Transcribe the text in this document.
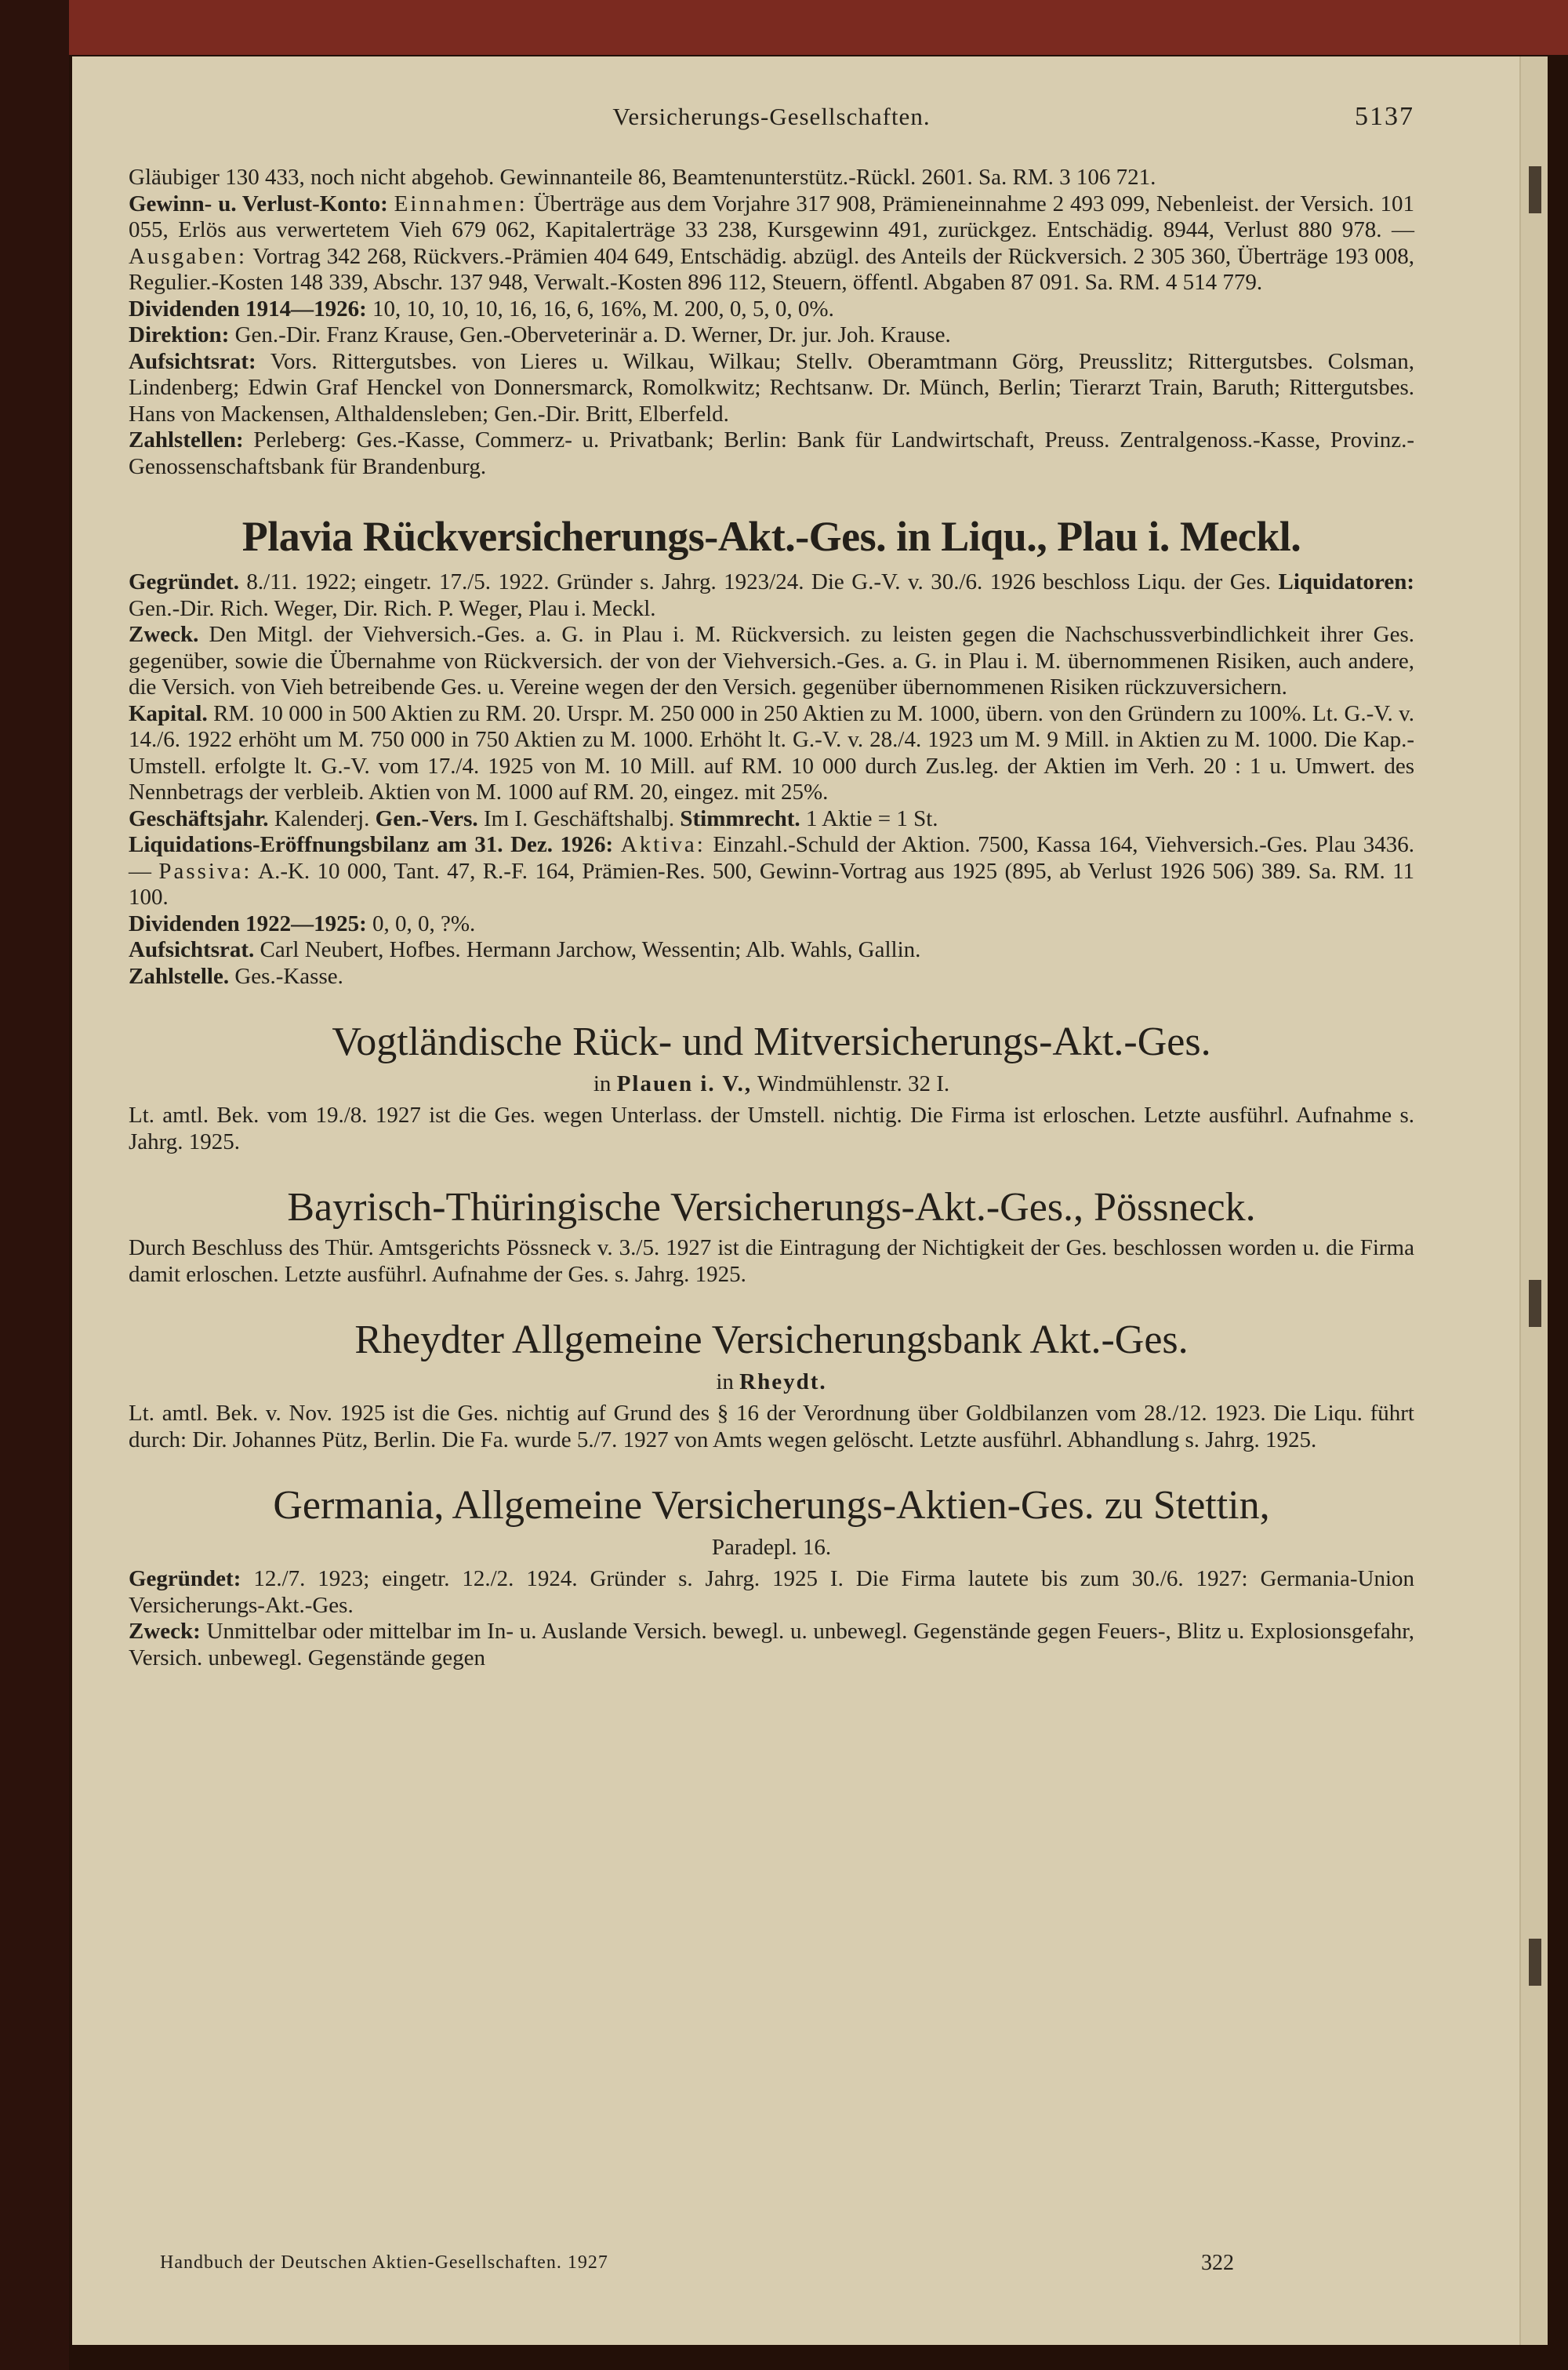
Versicherungs-Gesellschaften.	5137

Gläubiger 130 433, noch nicht abgehob. Gewinnanteile 86, Beamtenunterstütz.-Rückl. 2601. Sa. RM. 3 106 721.

Gewinn- u. Verlust-Konto: Einnahmen: Überträge aus dem Vorjahre 317 908, Prämieneinnahme 2 493 099, Nebenleist. der Versich. 101 055, Erlös aus verwertetem Vieh 679 062, Kapitalerträge 33 238, Kursgewinn 491, zurückgez. Entschädig. 8944, Verlust 880 978. — Ausgaben: Vortrag 342 268, Rückvers.-Prämien 404 649, Entschädig. abzügl. des Anteils der Rückversich. 2 305 360, Überträge 193 008, Regulier.-Kosten 148 339, Abschr. 137 948, Verwalt.-Kosten 896 112, Steuern, öffentl. Abgaben 87 091. Sa. RM. 4 514 779.

Dividenden 1914—1926: 10, 10, 10, 10, 16, 16, 6, 16%, M. 200, 0, 5, 0, 0%.

Direktion: Gen.-Dir. Franz Krause, Gen.-Oberveterinär a. D. Werner, Dr. jur. Joh. Krause.

Aufsichtsrat: Vors. Rittergutsbes. von Lieres u. Wilkau, Wilkau; Stellv. Oberamtmann Görg, Preusslitz; Rittergutsbes. Colsman, Lindenberg; Edwin Graf Henckel von Donnersmarck, Romolkwitz; Rechtsanw. Dr. Münch, Berlin; Tierarzt Train, Baruth; Rittergutsbes. Hans von Mackensen, Althaldensleben; Gen.-Dir. Britt, Elberfeld.

Zahlstellen: Perleberg: Ges.-Kasse, Commerz- u. Privatbank; Berlin: Bank für Landwirtschaft, Preuss. Zentralgenoss.-Kasse, Provinz.-Genossenschaftsbank für Brandenburg.

Plavia Rückversicherungs-Akt.-Ges. in Liqu., Plau i. Meckl.

Gegründet. 8./11. 1922; eingetr. 17./5. 1922. Gründer s. Jahrg. 1923/24. Die G.-V. v. 30./6. 1926 beschloss Liqu. der Ges. Liquidatoren: Gen.-Dir. Rich. Weger, Dir. Rich. P. Weger, Plau i. Meckl.

Zweck. Den Mitgl. der Viehversich.-Ges. a. G. in Plau i. M. Rückversich. zu leisten gegen die Nachschussverbindlichkeit ihrer Ges. gegenüber, sowie die Übernahme von Rückversich. der von der Viehversich.-Ges. a. G. in Plau i. M. übernommenen Risiken, auch andere, die Versich. von Vieh betreibende Ges. u. Vereine wegen der den Versich. gegenüber übernommenen Risiken rückzuversichern.

Kapital. RM. 10 000 in 500 Aktien zu RM. 20. Urspr. M. 250 000 in 250 Aktien zu M. 1000, übern. von den Gründern zu 100%. Lt. G.-V. v. 14./6. 1922 erhöht um M. 750 000 in 750 Aktien zu M. 1000. Erhöht lt. G.-V. v. 28./4. 1923 um M. 9 Mill. in Aktien zu M. 1000. Die Kap.-Umstell. erfolgte lt. G.-V. vom 17./4. 1925 von M. 10 Mill. auf RM. 10 000 durch Zus.leg. der Aktien im Verh. 20 : 1 u. Umwert. des Nennbetrags der verbleib. Aktien von M. 1000 auf RM. 20, eingez. mit 25%.

Geschäftsjahr. Kalenderj. Gen.-Vers. Im I. Geschäftshalbj. Stimmrecht. 1 Aktie = 1 St.

Liquidations-Eröffnungsbilanz am 31. Dez. 1926: Aktiva: Einzahl.-Schuld der Aktion. 7500, Kassa 164, Viehversich.-Ges. Plau 3436. — Passiva: A.-K. 10 000, Tant. 47, R.-F. 164, Prämien-Res. 500, Gewinn-Vortrag aus 1925 (895, ab Verlust 1926 506) 389. Sa. RM. 11 100.

Dividenden 1922—1925: 0, 0, 0, ?%.

Aufsichtsrat. Carl Neubert, Hofbes. Hermann Jarchow, Wessentin; Alb. Wahls, Gallin.

Zahlstelle. Ges.-Kasse.

Vogtländische Rück- und Mitversicherungs-Akt.-Ges.
in Plauen i. V., Windmühlenstr. 32 I.

Lt. amtl. Bek. vom 19./8. 1927 ist die Ges. wegen Unterlass. der Umstell. nichtig. Die Firma ist erloschen. Letzte ausführl. Aufnahme s. Jahrg. 1925.

Bayrisch-Thüringische Versicherungs-Akt.-Ges., Pössneck.

Durch Beschluss des Thür. Amtsgerichts Pössneck v. 3./5. 1927 ist die Eintragung der Nichtigkeit der Ges. beschlossen worden u. die Firma damit erloschen. Letzte ausführl. Aufnahme der Ges. s. Jahrg. 1925.

Rheydter Allgemeine Versicherungsbank Akt.-Ges.
in Rheydt.

Lt. amtl. Bek. v. Nov. 1925 ist die Ges. nichtig auf Grund des § 16 der Verordnung über Goldbilanzen vom 28./12. 1923. Die Liqu. führt durch: Dir. Johannes Pütz, Berlin. Die Fa. wurde 5./7. 1927 von Amts wegen gelöscht. Letzte ausführl. Abhandlung s. Jahrg. 1925.

Germania, Allgemeine Versicherungs-Aktien-Ges. zu Stettin,
Paradepl. 16.

Gegründet: 12./7. 1923; eingetr. 12./2. 1924. Gründer s. Jahrg. 1925 I. Die Firma lautete bis zum 30./6. 1927: Germania-Union Versicherungs-Akt.-Ges.

Zweck: Unmittelbar oder mittelbar im In- u. Auslande Versich. bewegl. u. unbewegl. Gegenstände gegen Feuers-, Blitz u. Explosionsgefahr, Versich. unbewegl. Gegenstände gegen

Handbuch der Deutschen Aktien-Gesellschaften. 1927	322
